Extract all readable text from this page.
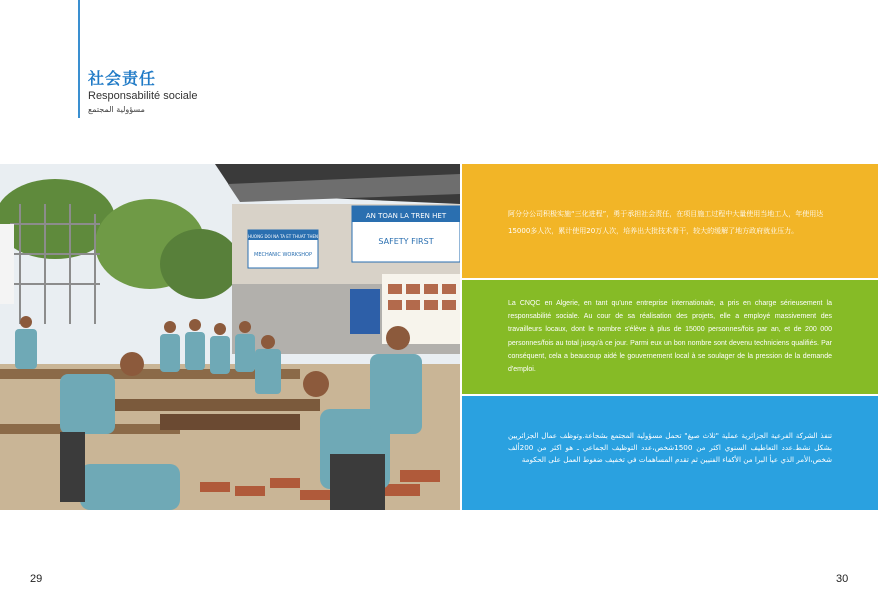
社会责任
Responsabilité sociale
مسؤولية المجتمع
HUONG DOI NA TA ET THUAT THEN
MECHANIC WORKSHOP
AN TOAN LA TREN HET
SAFETY FIRST

阿分分公司积极实施“三化进程”，勇于承担社会责任，在项目施工过程中大量使用当地工人，年使用达15000多人次，累计使用20万人次，培养出大批技术骨干，较大的缓解了地方政府就业压力。

La CNQC en Algerie, en tant qu'une entreprise internationale, a pris en charge sérieusement la responsabilité sociale. Au cour de sa réalisation des projets, elle a employé massivement des travailleurs locaux, dont le nombre s'élève à plus de 15000 personnes/fois par an, et de 200 000 personnes/fois au total jusqu'à ce jour. Parmi eux un bon nombre sont devenu techniciens qualifiés. Par conséquent, cela a beaucoup aidé le gouvernement local à se soulager de la pression de la demande d'emploi.

تنفذ الشركة الفرعية الجزائرية عملية "ثلاث صيغ" تحمل مسؤولية المجتمع بشجاعة.وتوظف عمال الجزائريين بشكل نشط.عدد التعاطيف السنوي اكثر من 1500شخص،عدد التوظيف الجماعي ـ هو اكثر من 200ألف شخص،الأمر الذي عيأ البرا من الأكفاء الفنيين ثم تقدم المساهمات في تخفيف ضغوط العمل على الحكومة

29	30
